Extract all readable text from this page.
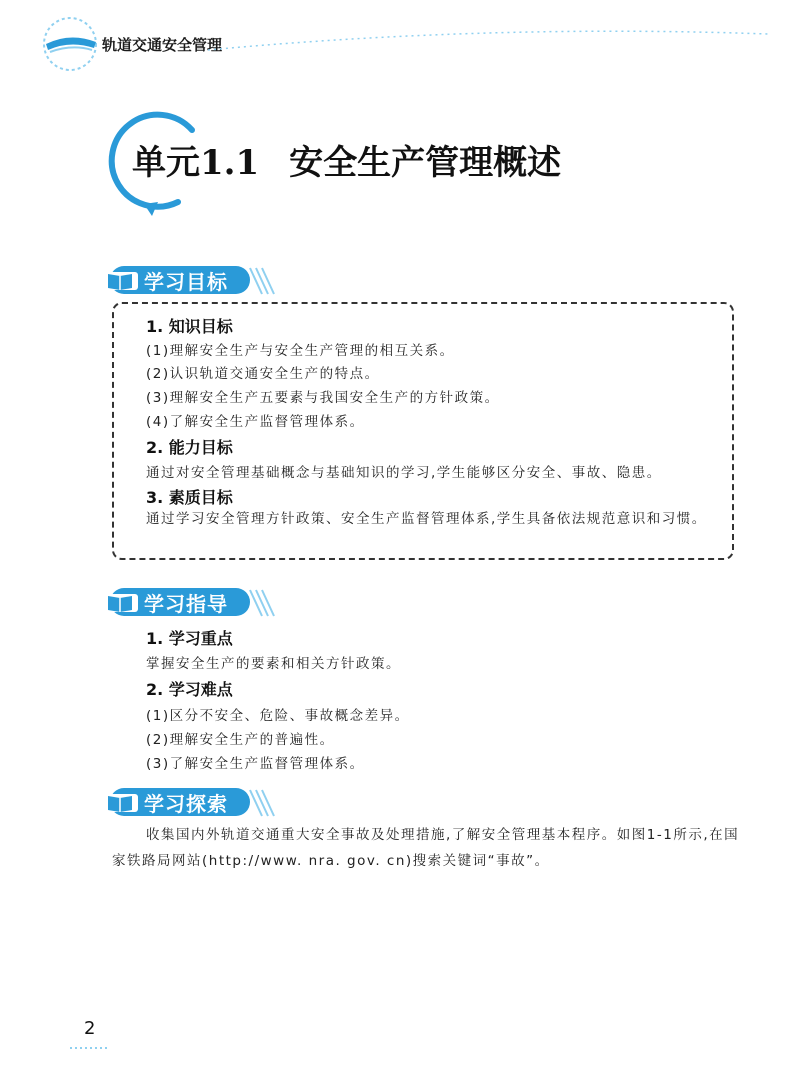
轨道交通安全管理
单元1.1 安全生产管理概述
学习目标
1. 知识目标
(1)理解安全生产与安全生产管理的相互关系。
(2)认识轨道交通安全生产的特点。
(3)理解安全生产五要素与我国安全生产的方针政策。
(4)了解安全生产监督管理体系。
2. 能力目标
通过对安全管理基础概念与基础知识的学习,学生能够区分安全、事故、隐患。
3. 素质目标
通过学习安全管理方针政策、安全生产监督管理体系,学生具备依法规范意识和习惯。
学习指导
1. 学习重点
掌握安全生产的要素和相关方针政策。
2. 学习难点
(1)区分不安全、危险、事故概念差异。
(2)理解安全生产的普遍性。
(3)了解安全生产监督管理体系。
学习探索
收集国内外轨道交通重大安全事故及处理措施,了解安全管理基本程序。如图1-1所示,在国家铁路局网站(http://www. nra. gov. cn)搜索关键词“事故”。
2
